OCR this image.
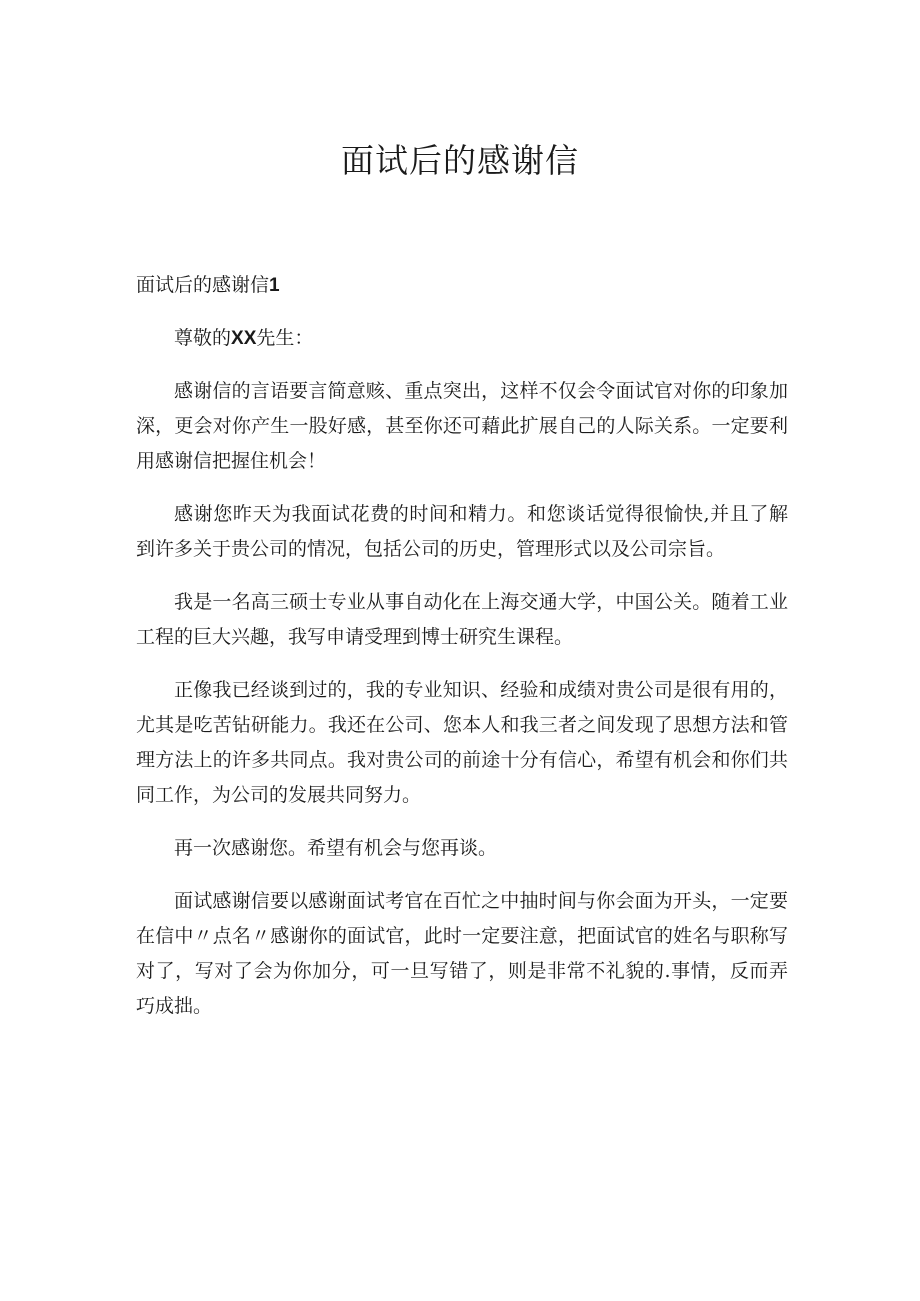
面试后的感谢信

面试后的感谢信1

尊敬的XX先生：

感谢信的言语要言简意赅、重点突出，这样不仅会令面试官对你的印象加深，更会对你产生一股好感，甚至你还可藉此扩展自己的人际关系。一定要利用感谢信把握住机会！

感谢您昨天为我面试花费的时间和精力。和您谈话觉得很愉快,并且了解到许多关于贵公司的情况，包括公司的历史，管理形式以及公司宗旨。

我是一名高三硕士专业从事自动化在上海交通大学，中国公关。随着工业工程的巨大兴趣，我写申请受理到博士研究生课程。

正像我已经谈到过的，我的专业知识、经验和成绩对贵公司是很有用的，尤其是吃苦钻研能力。我还在公司、您本人和我三者之间发现了思想方法和管理方法上的许多共同点。我对贵公司的前途十分有信心，希望有机会和你们共同工作，为公司的发展共同努力。

再一次感谢您。希望有机会与您再谈。

面试感谢信要以感谢面试考官在百忙之中抽时间与你会面为开头，一定要在信中〃点名〃感谢你的面试官，此时一定要注意，把面试官的姓名与职称写对了，写对了会为你加分，可一旦写错了，则是非常不礼貌的.事情，反而弄巧成拙。
